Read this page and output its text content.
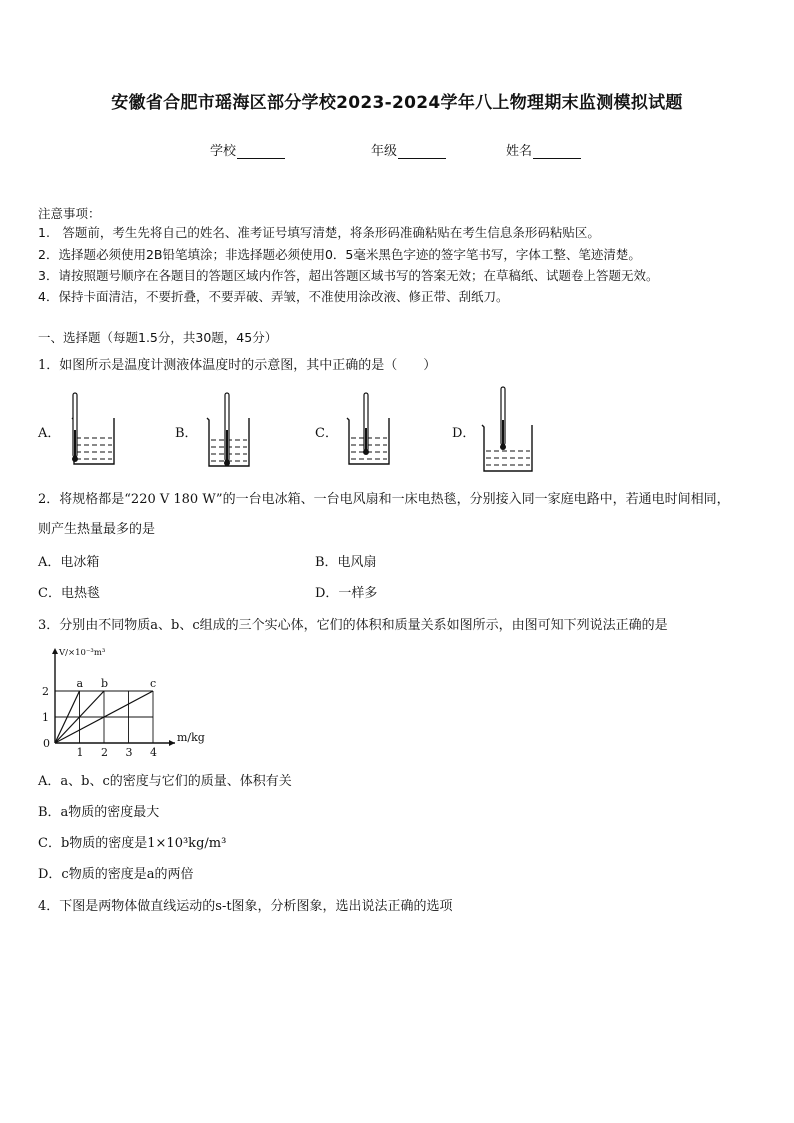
安徽省合肥市瑶海区部分学校2023-2024学年八上物理期末监测模拟试题
学校	年级	姓名
注意事项：
1.　答题前，考生先将自己的姓名、准考证号填写清楚，将条形码准确粘贴在考生信息条形码粘贴区。
2．选择题必须使用2B铅笔填涂；非选择题必须使用0．5毫米黑色字迹的签字笔书写，字体工整、笔迹清楚。
3．请按照题号顺序在各题目的答题区域内作答，超出答题区域书写的答案无效；在草稿纸、试题卷上答题无效。
4．保持卡面清洁，不要折叠，不要弄破、弄皱，不准使用涂改液、修正带、刮纸刀。
一、选择题（每题1.5分，共30题，45分）
1．如图所示是温度计测液体温度时的示意图，其中正确的是（　　）
A．	B．	C．	D．
2．将规格都是“220 V 180 W”的一台电冰箱、一台电风扇和一床电热毯，分别接入同一家庭电路中，若通电时间相同，
则产生热量最多的是
A．电冰箱	B．电风扇
C．电热毯	D．一样多
3．分别由不同物质a、b、c组成的三个实心体，它们的体积和质量关系如图所示，由图可知下列说法正确的是
a b	c
0
1 2 3 4
1
2
m/kg
V/×10⁻³m³
A．a、b、c的密度与它们的质量、体积有关
B．a物质的密度最大
C．b物质的密度是1×10³kg/m³
D．c物质的密度是a的两倍
4．下图是两物体做直线运动的s-t图象，分析图象，选出说法正确的选项
